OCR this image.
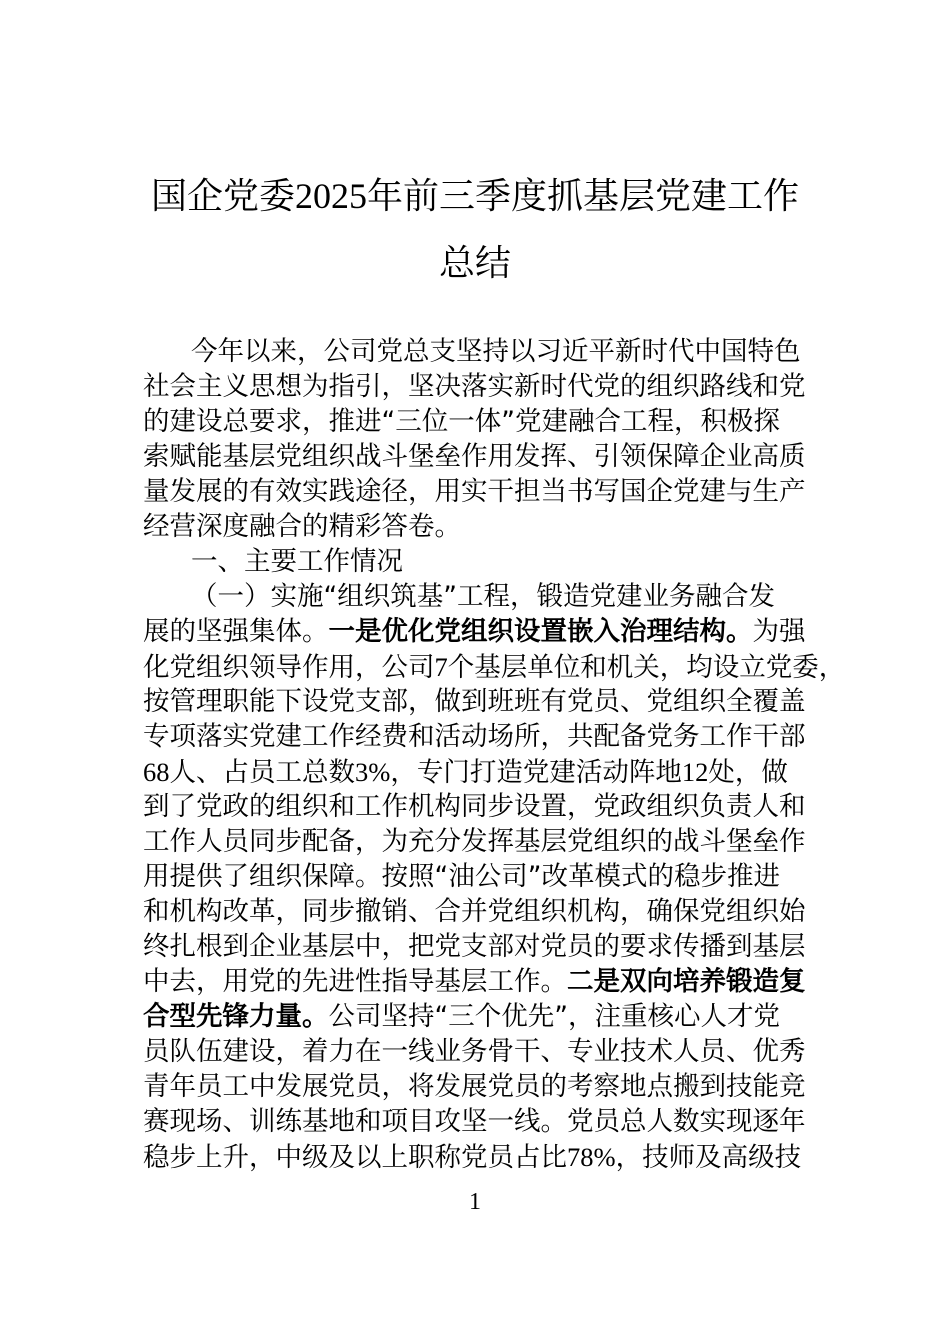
国企党委2025年前三季度抓基层党建工作
总结

今年以来，公司党总支坚持以习近平新时代中国特色

社会主义思想为指引，坚决落实新时代党的组织路线和党

的建设总要求，推进“三位一体”党建融合工程，积极探

索赋能基层党组织战斗堡垒作用发挥、引领保障企业高质

量发展的有效实践途径，用实干担当书写国企党建与生产

经营深度融合的精彩答卷。

一、主要工作情况

（一）实施“组织筑基”工程，锻造党建业务融合发

展的坚强集体。一是优化党组织设置嵌入治理结构。为强

化党组织领导作用，公司7个基层单位和机关，均设立党委，

按管理职能下设党支部，做到班班有党员、党组织全覆盖

专项落实党建工作经费和活动场所，共配备党务工作干部

68人、占员工总数3%，专门打造党建活动阵地12处，做

到了党政的组织和工作机构同步设置，党政组织负责人和

工作人员同步配备，为充分发挥基层党组织的战斗堡垒作

用提供了组织保障。按照“油公司”改革模式的稳步推进

和机构改革，同步撤销、合并党组织机构，确保党组织始

终扎根到企业基层中，把党支部对党员的要求传播到基层

中去，用党的先进性指导基层工作。二是双向培养锻造复

合型先锋力量。公司坚持“三个优先”，注重核心人才党

员队伍建设，着力在一线业务骨干、专业技术人员、优秀

青年员工中发展党员，将发展党员的考察地点搬到技能竞

赛现场、训练基地和项目攻坚一线。党员总人数实现逐年

稳步上升，中级及以上职称党员占比78%，技师及高级技

1
